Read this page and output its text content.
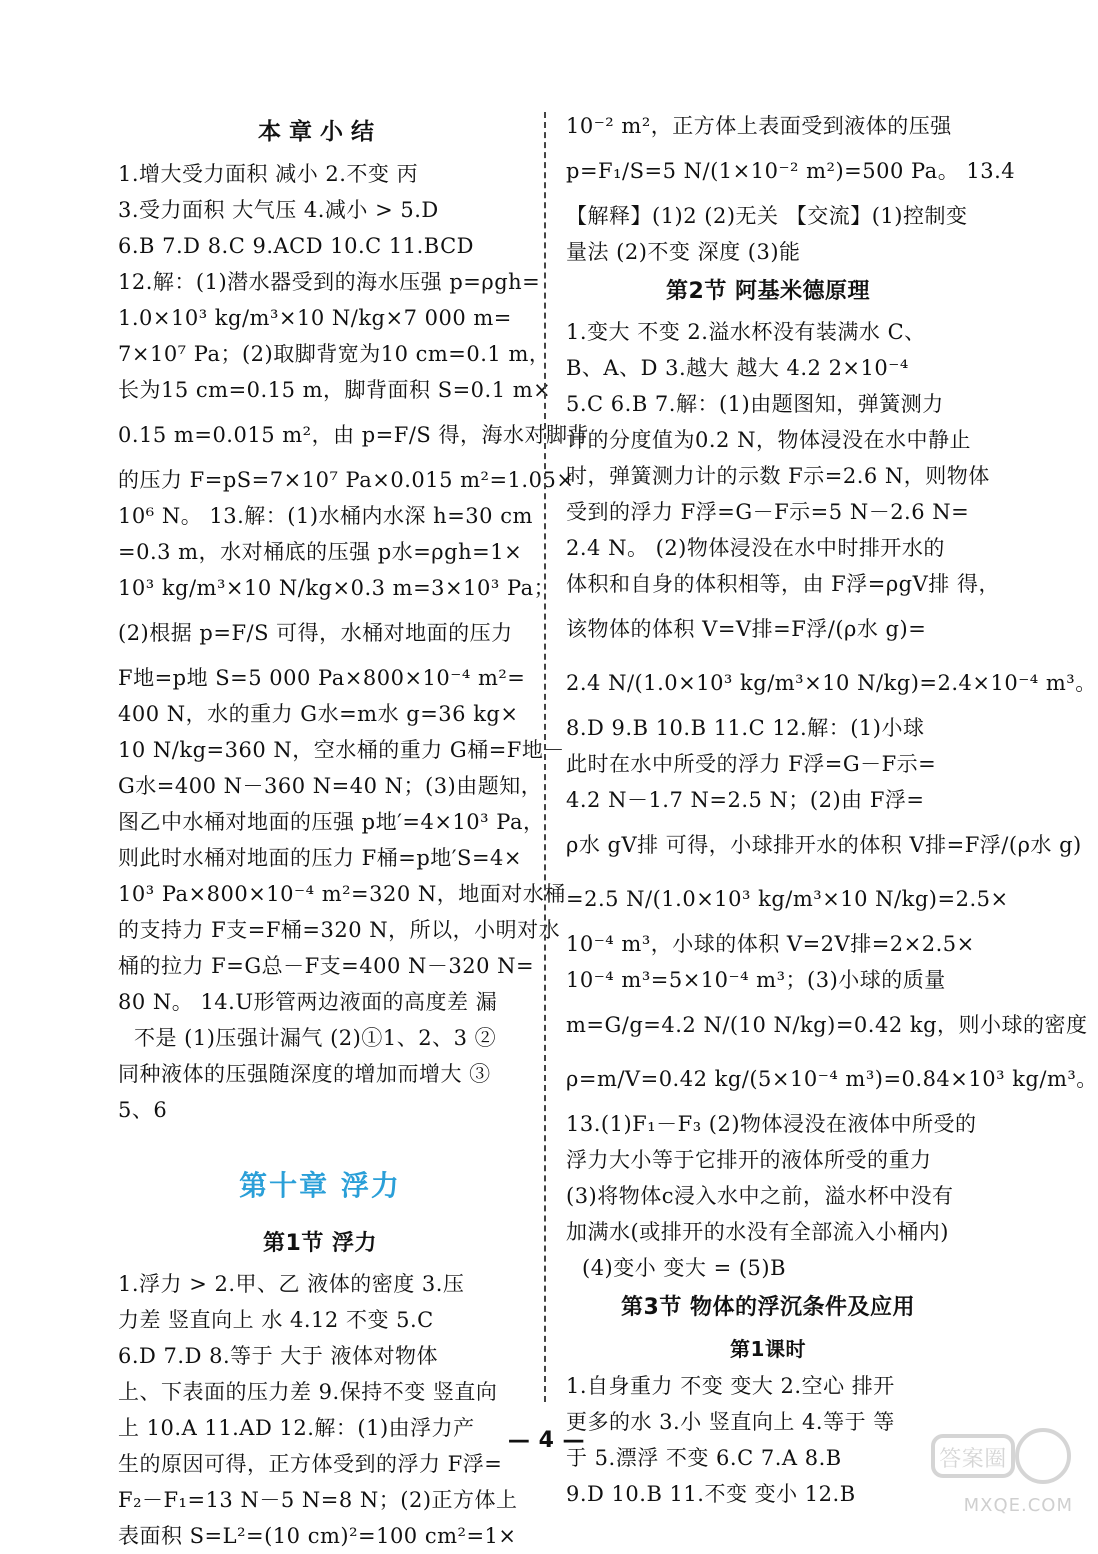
本章小结
1.增大受力面积 减小 2.不变 丙
3.受力面积 大气压 4.减小 > 5.D
6.B 7.D 8.C 9.ACD 10.C 11.BCD
12.解：(1)潜水器受到的海水压强 p=ρgh=
1.0×10³ kg/m³×10 N/kg×7 000 m=
7×10⁷ Pa；(2)取脚背宽为10 cm=0.1 m，
长为15 cm=0.15 m，脚背面积 S=0.1 m×
0.15 m=0.015 m²，由 p=F/S 得，海水对脚背
的压力 F=pS=7×10⁷ Pa×0.015 m²=1.05×
10⁶ N。 13.解：(1)水桶内水深 h=30 cm
=0.3 m，水对桶底的压强 p水=ρgh=1×
10³ kg/m³×10 N/kg×0.3 m=3×10³ Pa；
(2)根据 p=F/S 可得，水桶对地面的压力
F地=p地 S=5 000 Pa×800×10⁻⁴ m²=
400 N，水的重力 G水=m水 g=36 kg×
10 N/kg=360 N，空水桶的重力 G桶=F地－
G水=400 N－360 N=40 N；(3)由题知，
图乙中水桶对地面的压强 p地′=4×10³ Pa，
则此时水桶对地面的压力 F桶=p地′S=4×
10³ Pa×800×10⁻⁴ m²=320 N，地面对水桶
的支持力 F支=F桶=320 N，所以，小明对水
桶的拉力 F=G总－F支=400 N－320 N=
80 N。 14.U形管两边液面的高度差 漏
不是 (1)压强计漏气 (2)①1、2、3 ②
同种液体的压强随深度的增加而增大 ③
5、6
第十章 浮力
第1节 浮力
1.浮力 > 2.甲、乙 液体的密度 3.压
力差 竖直向上 水 4.12 不变 5.C
6.D 7.D 8.等于 大于 液体对物体
上、下表面的压力差 9.保持不变 竖直向
上 10.A 11.AD 12.解：(1)由浮力产
生的原因可得，正方体受到的浮力 F浮=
F₂－F₁=13 N－5 N=8 N；(2)正方体上
表面积 S=L²=(10 cm)²=100 cm²=1×
10⁻² m²，正方体上表面受到液体的压强
p=F₁/S=5 N/(1×10⁻² m²)=500 Pa。 13.4
【解释】(1)2 (2)无关 【交流】(1)控制变
量法 (2)不变 深度 (3)能
第2节 阿基米德原理
1.变大 不变 2.溢水杯没有装满水 C、
B、A、D 3.越大 越大 4.2 2×10⁻⁴
5.C 6.B 7.解：(1)由题图知，弹簧测力
计的分度值为0.2 N，物体浸没在水中静止
时，弹簧测力计的示数 F示=2.6 N，则物体
受到的浮力 F浮=G－F示=5 N－2.6 N=
2.4 N。 (2)物体浸没在水中时排开水的
体积和自身的体积相等，由 F浮=ρgV排 得，
该物体的体积 V=V排=F浮/(ρ水 g)=
2.4 N/(1.0×10³ kg/m³×10 N/kg)=2.4×10⁻⁴ m³。
8.D 9.B 10.B 11.C 12.解：(1)小球
此时在水中所受的浮力 F浮=G－F示=
4.2 N－1.7 N=2.5 N；(2)由 F浮=
ρ水 gV排 可得，小球排开水的体积 V排=F浮/(ρ水 g)
=2.5 N/(1.0×10³ kg/m³×10 N/kg)=2.5×
10⁻⁴ m³，小球的体积 V=2V排=2×2.5×
10⁻⁴ m³=5×10⁻⁴ m³；(3)小球的质量
m=G/g=4.2 N/(10 N/kg)=0.42 kg，则小球的密度
ρ=m/V=0.42 kg/(5×10⁻⁴ m³)=0.84×10³ kg/m³。
13.(1)F₁－F₃ (2)物体浸没在液体中所受的
浮力大小等于它排开的液体所受的重力
(3)将物体c浸入水中之前，溢水杯中没有
加满水(或排开的水没有全部流入小桶内)
(4)变小 变大 = (5)B
第3节 物体的浮沉条件及应用
第1课时
1.自身重力 不变 变大 2.空心 排开
更多的水 3.小 竖直向上 4.等于 等
于 5.漂浮 不变 6.C 7.A 8.B
9.D 10.B 11.不变 变小 12.B
— 4 —
答案圈
MXQE.COM
